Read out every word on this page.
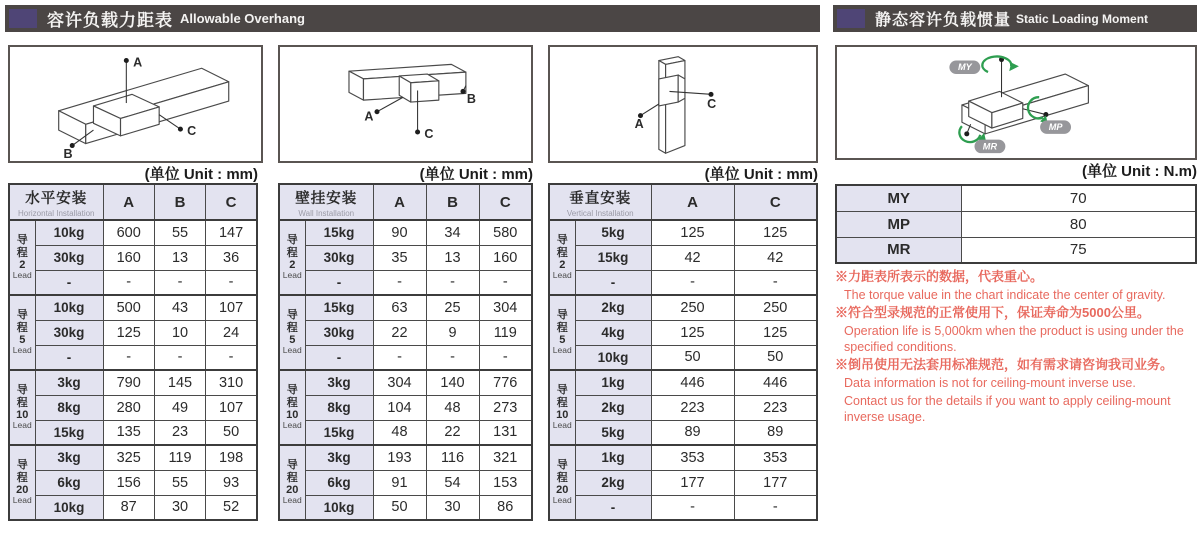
容许负载力距表 Allowable Overhang	静态容许负载惯量 Static Loading Moment
A
B
C
A
B
C
A
C
MY
MP
MR
(单位 Unit : mm)	(单位 Unit : mm)	(单位 Unit : mm)	(单位 Unit : N.m)
水平安装
Horizontal Installation		A	B	C

导
程
2
Lead	10kg	600	55	147
	30kg	160	13	36
	-	-	-	-

导
程
5
Lead	10kg	500	43	107
	30kg	125	10	24
	-	-	-	-

导
程
10
Lead	3kg	790	145	310
	8kg	280	49	107
	15kg	135	23	50

导
程
20
Lead	3kg	325	119	198
	6kg	156	55	93
	10kg	87	30	52
壁挂安装
Wall Installation		A	B	C

导
程
2
Lead	15kg	90	34	580
	30kg	35	13	160
	-	-	-	-

导
程
5
Lead	15kg	63	25	304
	30kg	22	9	119
	-	-	-	-

导
程
10
Lead	3kg	304	140	776
	8kg	104	48	273
	15kg	48	22	131

导
程
20
Lead	3kg	193	116	321
	6kg	91	54	153
	10kg	50	30	86
垂直安装
Vertical Installation		A	C

导
程
2
Lead	5kg	125	125
	15kg	42	42
	-	-	-

导
程
5
Lead	2kg	250	250
	4kg	125	125
	10kg	50	50

导
程
10
Lead	1kg	446	446
	2kg	223	223
	5kg	89	89

导
程
20
Lead	1kg	353	353
	2kg	177	177
	-	-	-
MY	70
MP	80
MR	75

※力距表所表示的数据，代表重心。

The torque value in the chart indicate the center of gravity.

※符合型录规范的正常使用下，保证寿命为5000公里。

Operation life is 5,000km when the product is using under the specified conditions.

※倒吊使用无法套用标准规范，如有需求请咨询我司业务。

Data information is not for ceiling-mount inverse use.

Contact us for the details if you want to apply ceiling-mount inverse usage.
